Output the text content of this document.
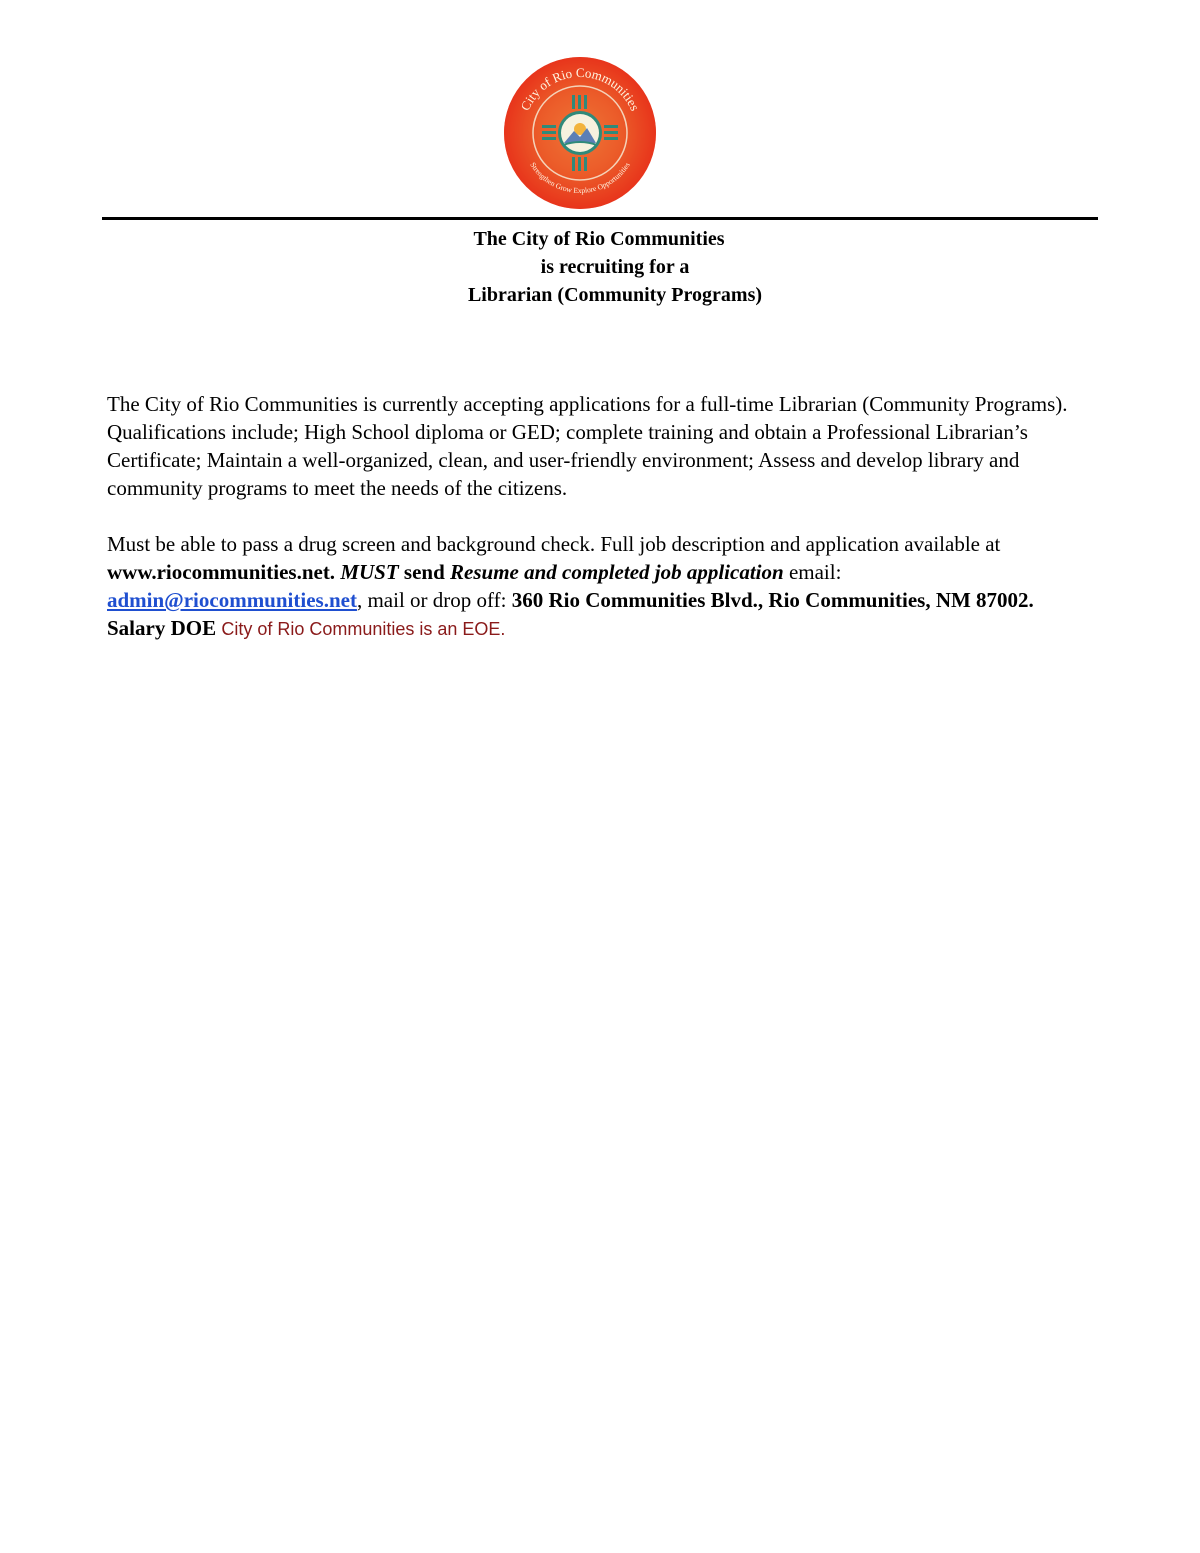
City of Rio Communities
Strengthen Grow Explore Opportunities
The City of Rio Communities
is recruiting for a
Librarian (Community Programs)

The City of Rio Communities is currently accepting applications for a full-time Librarian (Community Programs). Qualifications include; High School diploma or GED; complete training and obtain a Professional Librarian’s Certificate; Maintain a well-organized, clean, and user-friendly environment; Assess and develop library and community programs to meet the needs of the citizens.

Must be able to pass a drug screen and background check. Full job description and application available at www.riocommunities.net. MUST send Resume and completed job application email: admin@riocommunities.net, mail or drop off: 360 Rio Communities Blvd., Rio Communities, NM 87002. Salary DOE City of Rio Communities is an EOE.
